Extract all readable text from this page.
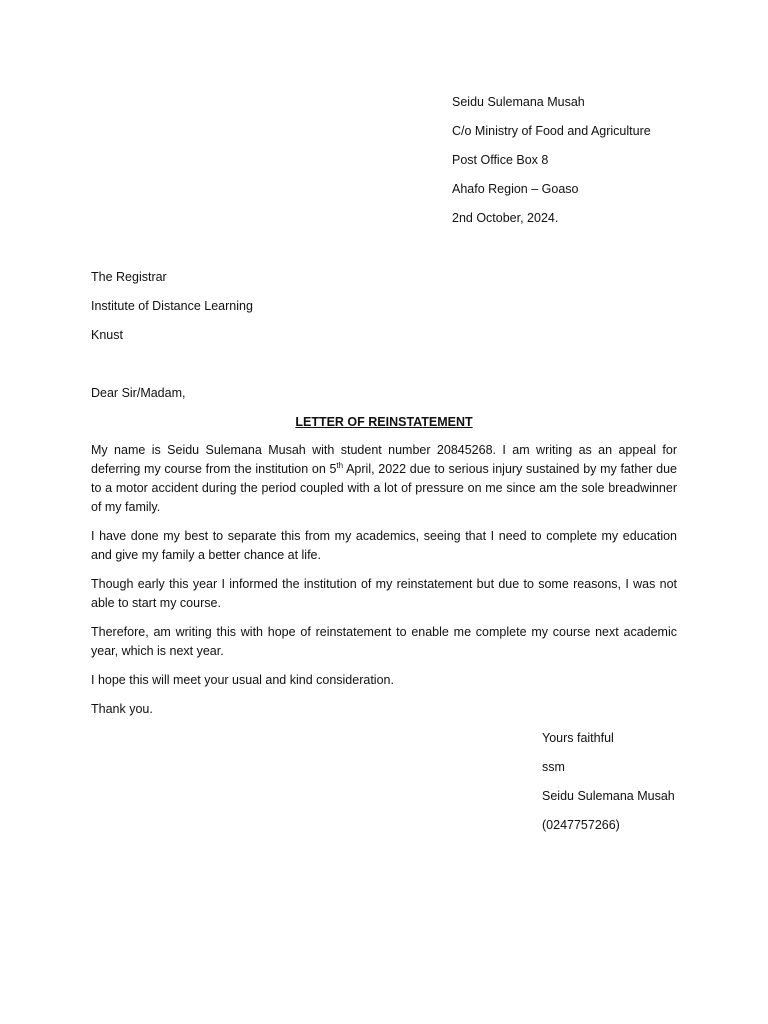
Seidu Sulemana Musah
C/o Ministry of Food and Agriculture
Post Office Box 8
Ahafo Region – Goaso
2nd October, 2024.
The Registrar
Institute of Distance Learning
Knust
Dear Sir/Madam,
LETTER OF REINSTATEMENT
My name is Seidu Sulemana Musah with student number 20845268. I am writing as an appeal for deferring my course from the institution on 5th April, 2022 due to serious injury sustained by my father due to a motor accident during the period coupled with a lot of pressure on me since am the sole breadwinner of my family.
I have done my best to separate this from my academics, seeing that I need to complete my education and give my family a better chance at life.
Though early this year I informed the institution of my reinstatement but due to some reasons, I was not able to start my course.
Therefore, am writing this with hope of reinstatement to enable me complete my course next academic year, which is next year.
I hope this will meet your usual and kind consideration.
Thank you.
Yours faithful
ssm
Seidu Sulemana Musah
(0247757266)
